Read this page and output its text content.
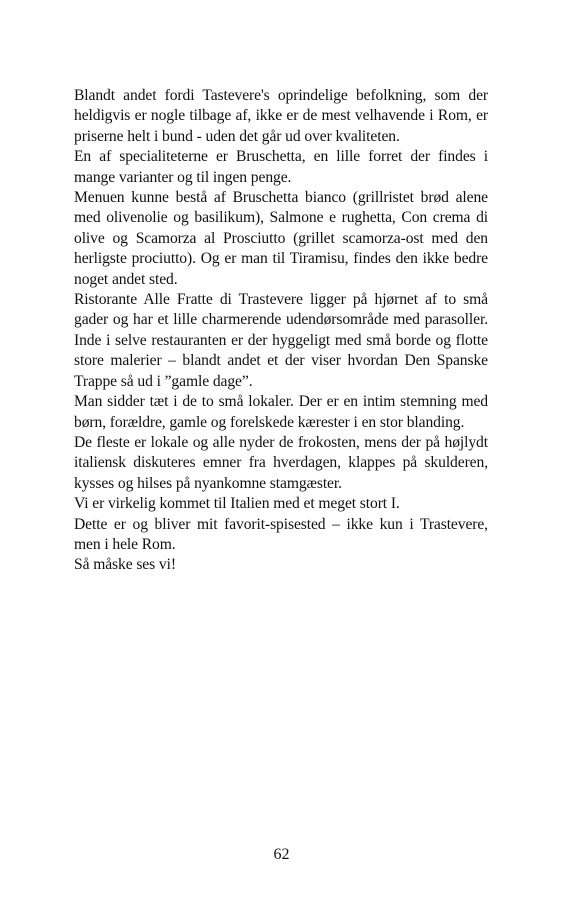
Blandt andet fordi Tastevere's oprindelige befolkning, som der heldigvis er nogle tilbage af, ikke er de mest velhavende i Rom, er priserne helt i bund - uden det går ud over kvaliteten.

En af specialiteterne er Bruschetta, en lille forret der findes i mange varianter og til ingen penge.

Menuen kunne bestå af Bruschetta bianco (grillristet brød alene med olivenolie og basilikum), Salmone e rughetta, Con crema di olive og Scamorza al Prosciutto (grillet scamorza-ost med den herligste prociutto). Og er man til Tiramisu, findes den ikke bedre noget andet sted.

Ristorante Alle Fratte di Trastevere ligger på hjørnet af to små gader og har et lille charmerende udendørsområde med parasoller. Inde i selve restauranten er der hyggeligt med små borde og flotte store malerier – blandt andet et der viser hvordan Den Spanske Trappe så ud i ”gamle dage”.

Man sidder tæt i de to små lokaler. Der er en intim stemning med børn, forældre, gamle og forelskede kærester i en stor blanding.

De fleste er lokale og alle nyder de frokosten, mens der på højlydt italiensk diskuteres emner fra hverdagen, klappes på skulderen, kysses og hilses på nyankomne stamgæster.

Vi er virkelig kommet til Italien med et meget stort I.

Dette er og bliver mit favorit-spisested – ikke kun i Trastevere, men i hele Rom.

Så måske ses vi!

62
